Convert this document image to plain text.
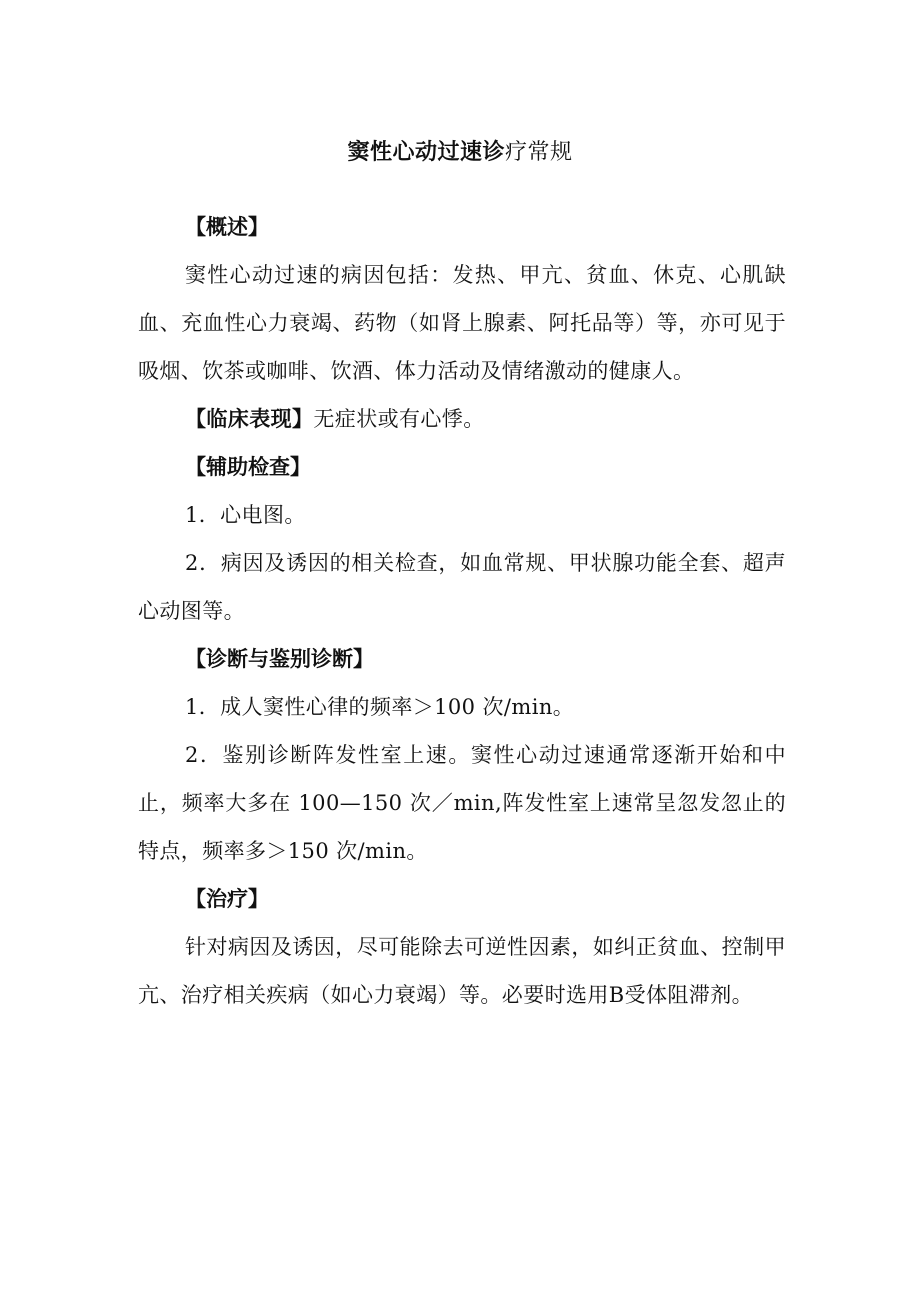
窦性心动过速诊疗常规
【概述】
窦性心动过速的病因包括：发热、甲亢、贫血、休克、心肌缺血、充血性心力衰竭、药物（如肾上腺素、阿托品等）等，亦可见于吸烟、饮茶或咖啡、饮酒、体力活动及情绪激动的健康人。
【临床表现】无症状或有心悸。
【辅助检查】
1．心电图。
2．病因及诱因的相关检查，如血常规、甲状腺功能全套、超声心动图等。
【诊断与鉴别诊断】
1．成人窦性心律的频率＞100 次/min。
2．鉴别诊断阵发性室上速。窦性心动过速通常逐渐开始和中止，频率大多在 100—150 次／min,阵发性室上速常呈忽发忽止的特点，频率多＞150 次/min。
【治疗】
针对病因及诱因，尽可能除去可逆性因素，如纠正贫血、控制甲亢、治疗相关疾病（如心力衰竭）等。必要时选用Β受体阻滞剂。
